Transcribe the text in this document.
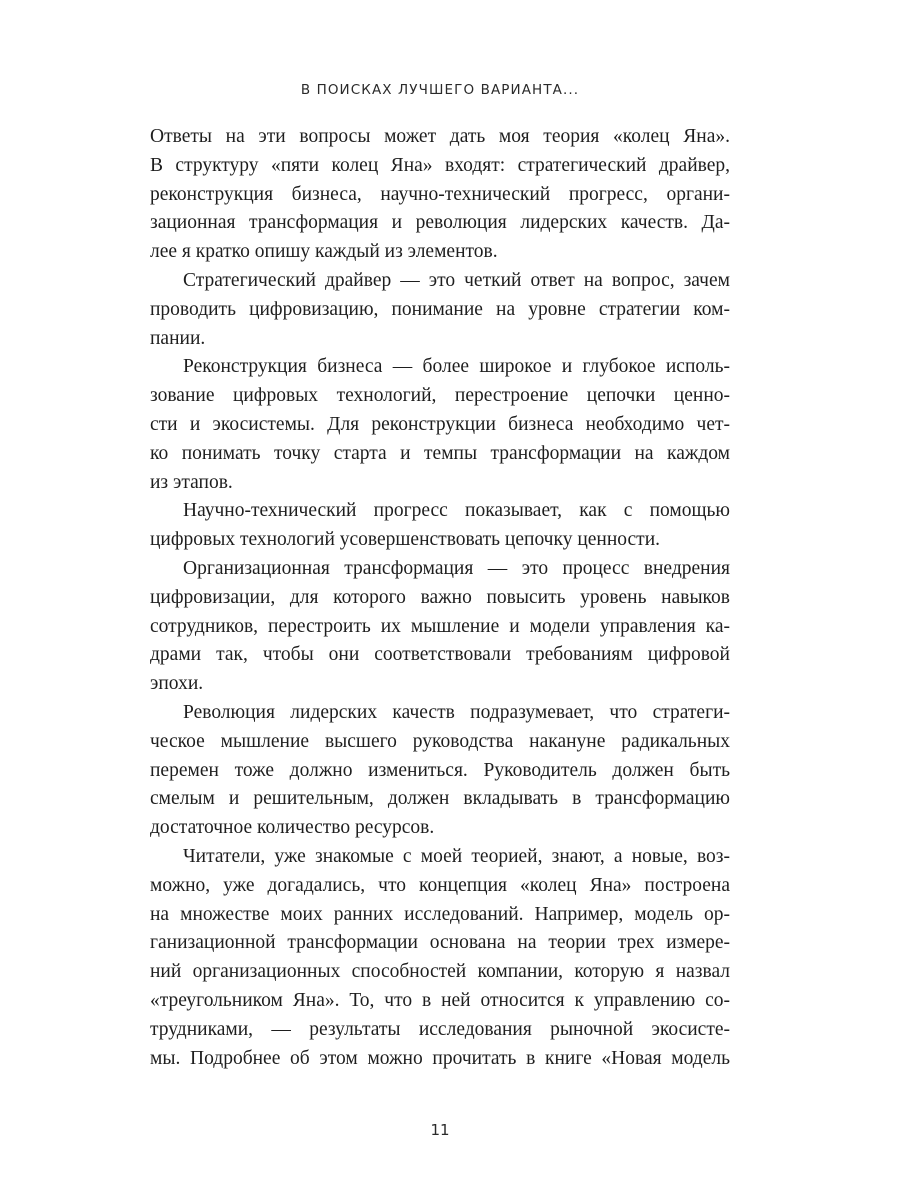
В ПОИСКАХ ЛУЧШЕГО ВАРИАНТА...
Ответы на эти вопросы может дать моя теория «колец Яна».
В структуру «пяти колец Яна» входят: стратегический драйвер,
реконструкция бизнеса, научно-технический прогресс, органи-
зационная трансформация и революция лидерских качеств. Да-
лее я кратко опишу каждый из элементов.
Стратегический драйвер — это четкий ответ на вопрос, зачем
проводить цифровизацию, понимание на уровне стратегии ком-
пании.
Реконструкция бизнеса — более широкое и глубокое исполь-
зование цифровых технологий, перестроение цепочки ценно-
сти и экосистемы. Для реконструкции бизнеса необходимо чет-
ко понимать точку старта и темпы трансформации на каждом
из этапов.
Научно-технический прогресс показывает, как с помощью
цифровых технологий усовершенствовать цепочку ценности.
Организационная трансформация — это процесс внедрения
цифровизации, для которого важно повысить уровень навыков
сотрудников, перестроить их мышление и модели управления ка-
драми так, чтобы они соответствовали требованиям цифровой
эпохи.
Революция лидерских качеств подразумевает, что стратеги-
ческое мышление высшего руководства накануне радикальных
перемен тоже должно измениться. Руководитель должен быть
смелым и решительным, должен вкладывать в трансформацию
достаточное количество ресурсов.
Читатели, уже знакомые с моей теорией, знают, а новые, воз-
можно, уже догадались, что концепция «колец Яна» построена
на множестве моих ранних исследований. Например, модель ор-
ганизационной трансформации основана на теории трех измере-
ний организационных способностей компании, которую я назвал
«треугольником Яна». То, что в ней относится к управлению со-
трудниками, — результаты исследования рыночной экосисте-
мы. Подробнее об этом можно прочитать в книге «Новая модель
11
